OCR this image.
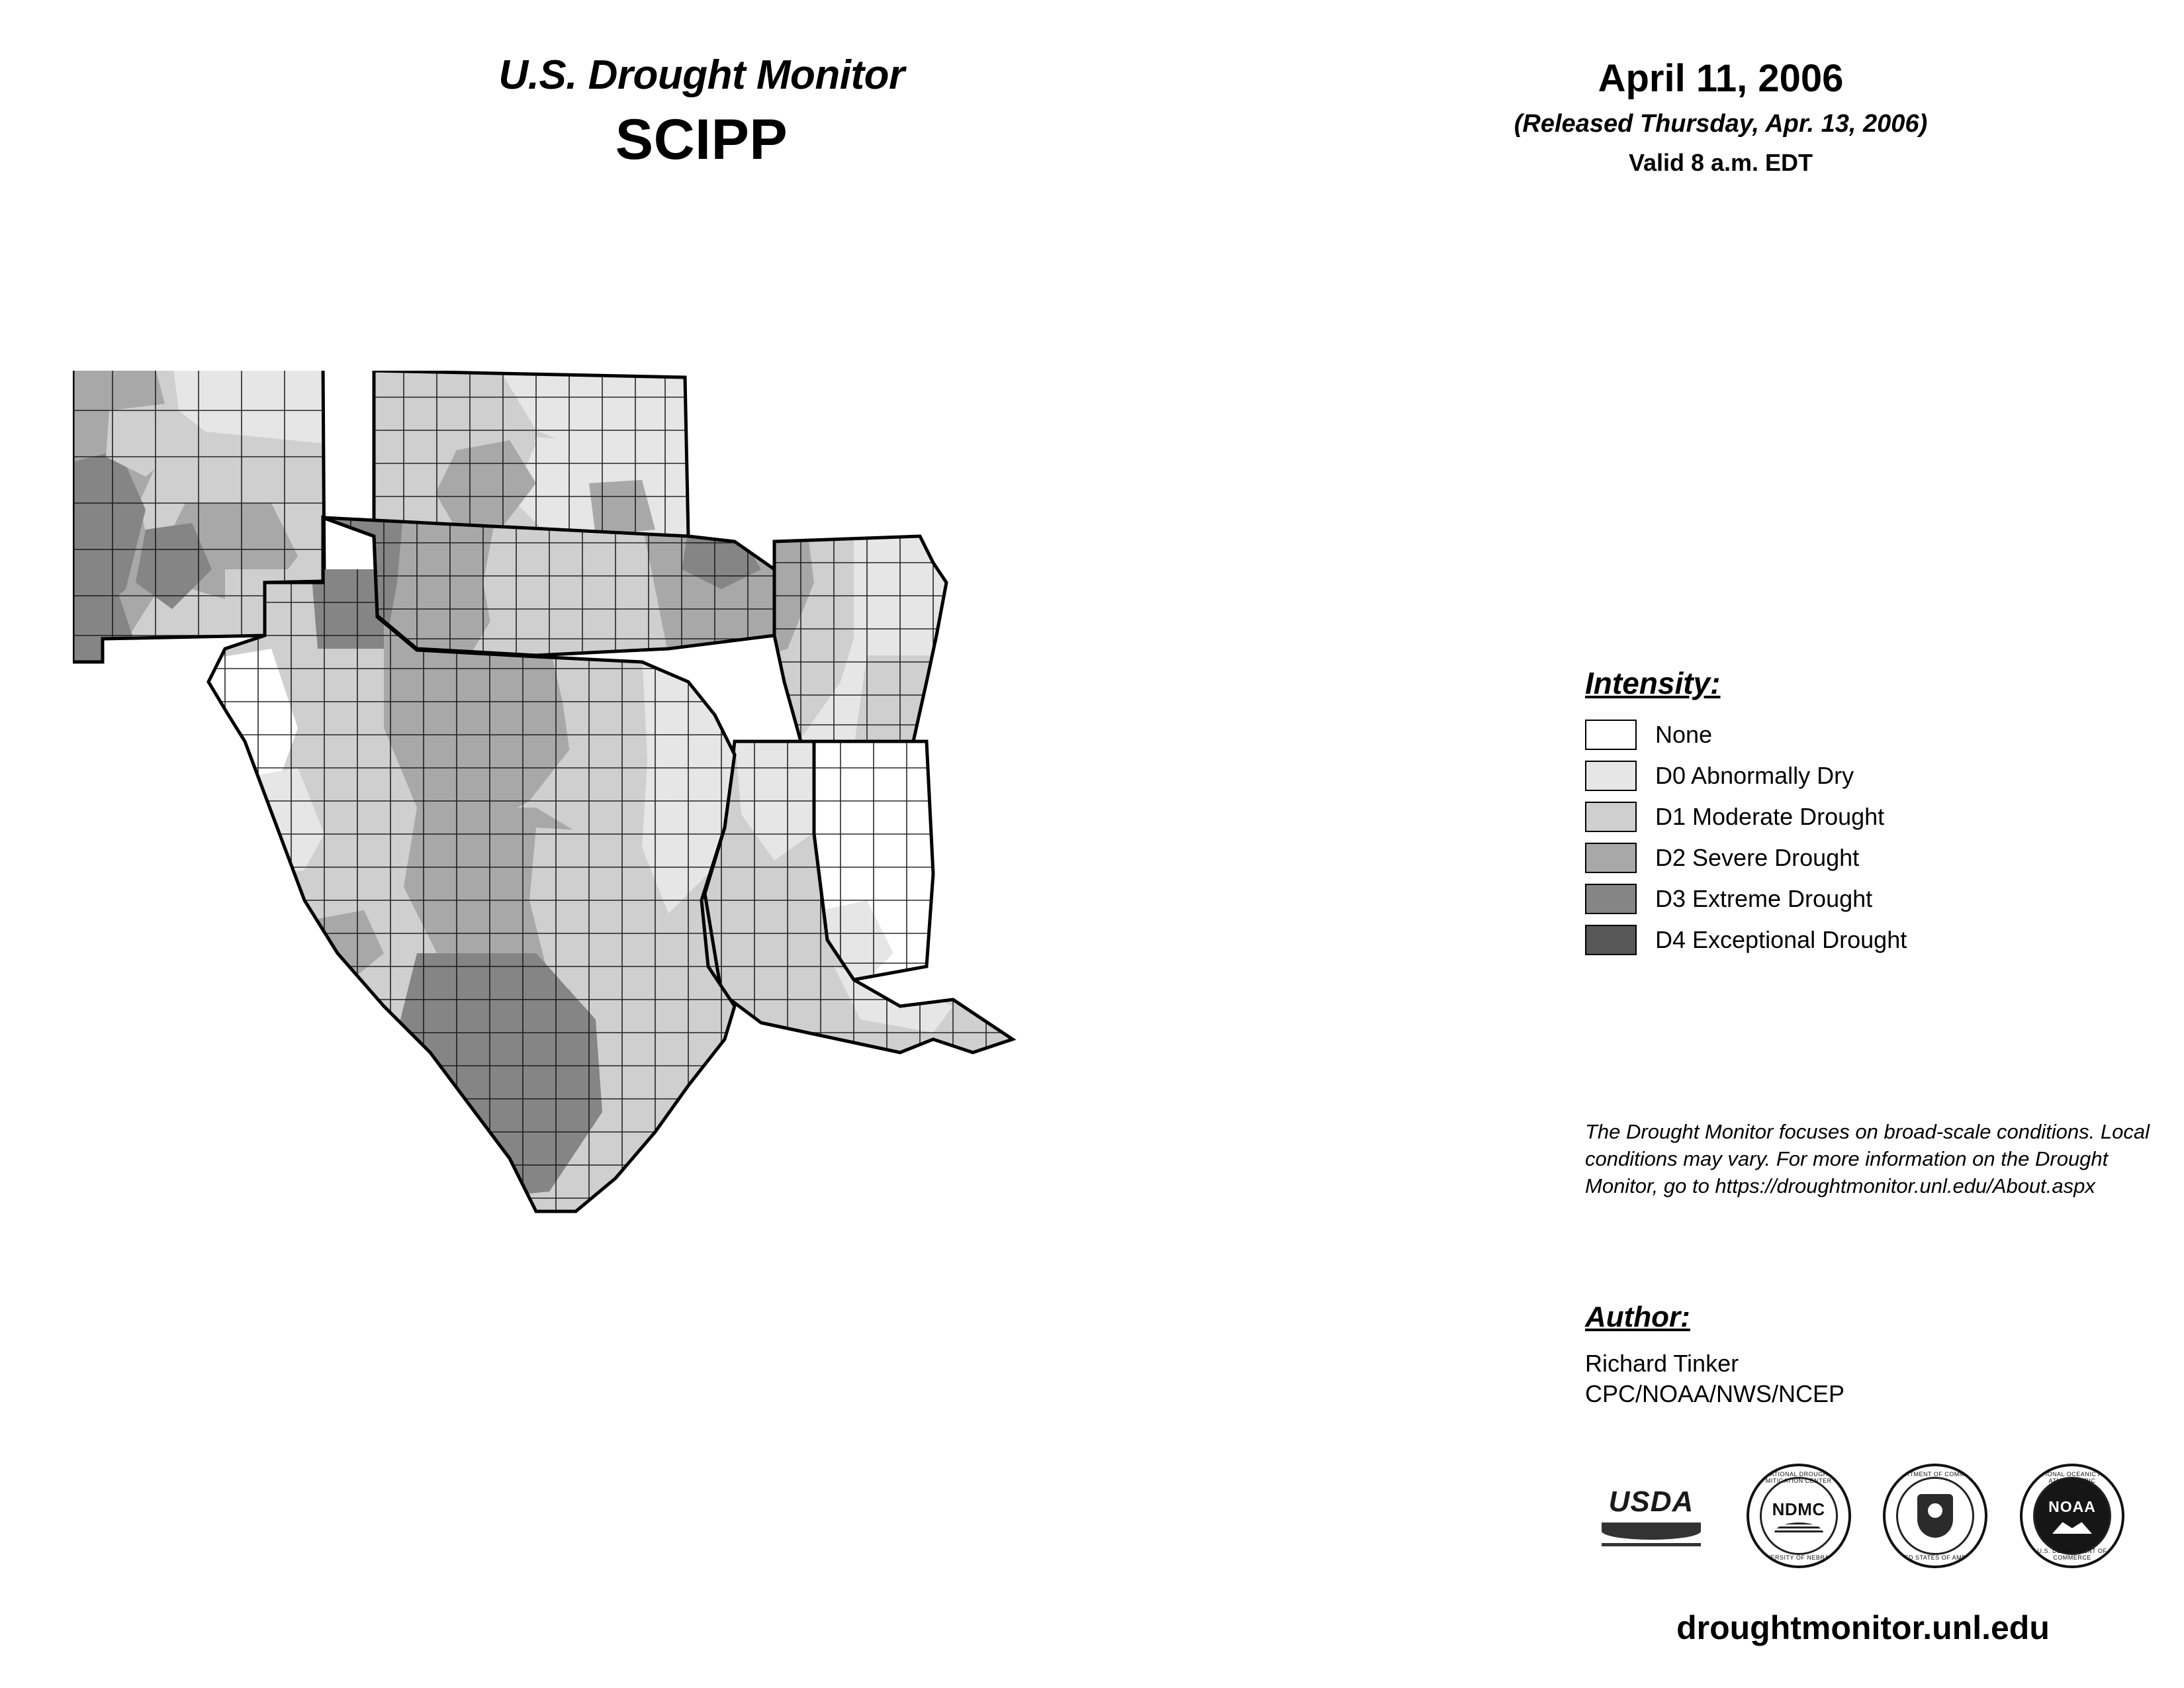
U.S. Drought Monitor
SCIPP
April 11, 2006
(Released Thursday, Apr. 13, 2006)
Valid 8 a.m. EDT
Intensity:
None
D0 Abnormally Dry
D1 Moderate Drought
D2 Severe Drought
D3 Extreme Drought
D4 Exceptional Drought
The Drought Monitor focuses on broad-scale conditions. Local conditions may vary. For more information on the Drought Monitor, go to https://droughtmonitor.unl.edu/About.aspx
Author:
Richard Tinker
CPC/NOAA/NWS/NCEP
USDA
NATIONAL DROUGHT MITIGATION CENTER
UNIVERSITY OF NEBRASKA
NDMC
DEPARTMENT OF COMMERCE
UNITED STATES OF AMERICA
NATIONAL OCEANIC AND ATMOSPHERIC
U.S. DEPARTMENT OF COMMERCE
NOAA
droughtmonitor.unl.edu
